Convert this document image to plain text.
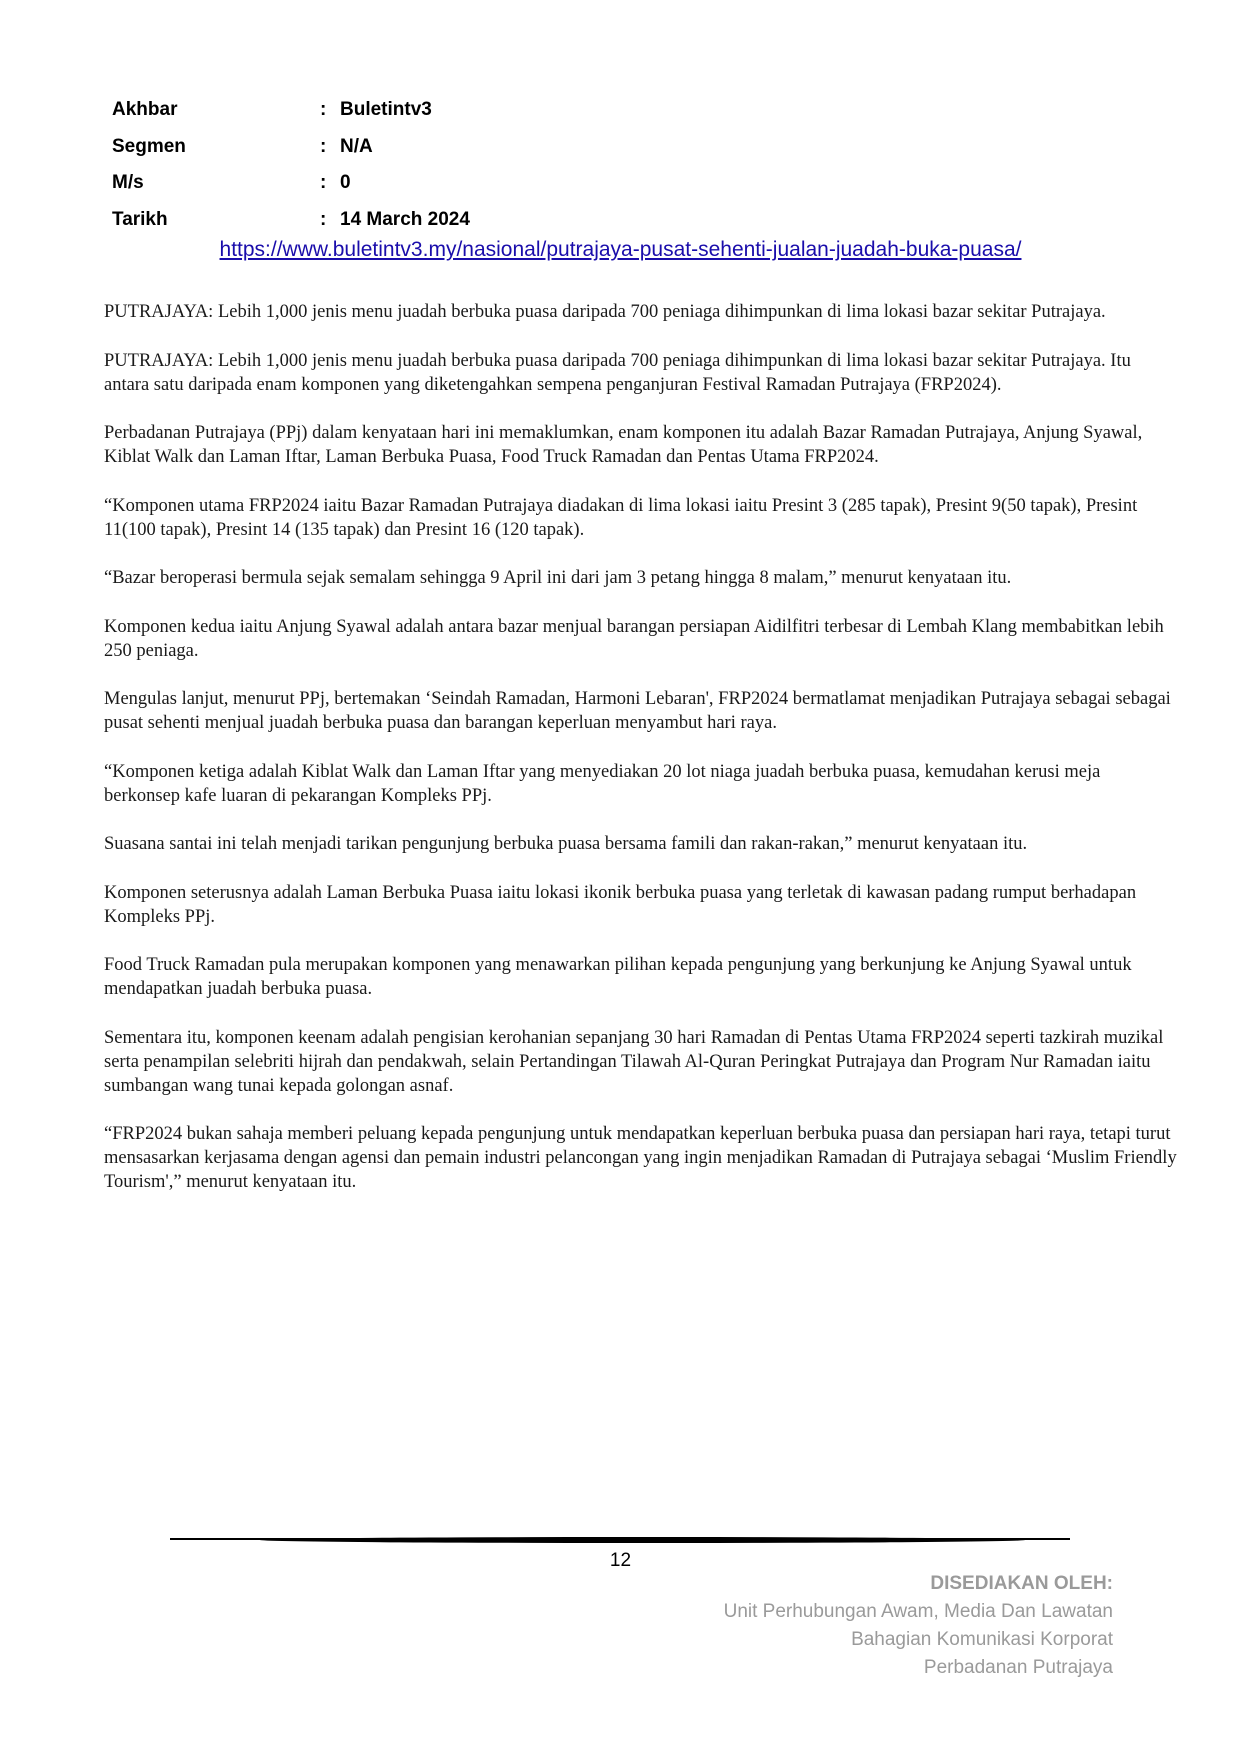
Akhbar	:	Buletintv3
Segmen	:	N/A
M/s	:	0
Tarikh	:	14 March 2024
https://www.buletintv3.my/nasional/putrajaya-pusat-sehenti-jualan-juadah-buka-puasa/

PUTRAJAYA: Lebih 1,000 jenis menu juadah berbuka puasa daripada 700 peniaga dihimpunkan di lima lokasi bazar sekitar Putrajaya.

PUTRAJAYA: Lebih 1,000 jenis menu juadah berbuka puasa daripada 700 peniaga dihimpunkan di lima lokasi bazar sekitar Putrajaya. Itu antara satu daripada enam komponen yang diketengahkan sempena penganjuran Festival Ramadan Putrajaya (FRP2024).

Perbadanan Putrajaya (PPj) dalam kenyataan hari ini memaklumkan, enam komponen itu adalah Bazar Ramadan Putrajaya, Anjung Syawal, Kiblat Walk dan Laman Iftar, Laman Berbuka Puasa, Food Truck Ramadan dan Pentas Utama FRP2024.

“Komponen utama FRP2024 iaitu Bazar Ramadan Putrajaya diadakan di lima lokasi iaitu Presint 3 (285 tapak), Presint 9(50 tapak), Presint 11(100 tapak), Presint 14 (135 tapak) dan Presint 16 (120 tapak).

“Bazar beroperasi bermula sejak semalam sehingga 9 April ini dari jam 3 petang hingga 8 malam,” menurut kenyataan itu.

Komponen kedua iaitu Anjung Syawal adalah antara bazar menjual barangan persiapan Aidilfitri terbesar di Lembah Klang membabitkan lebih 250 peniaga.

Mengulas lanjut, menurut PPj, bertemakan ‘Seindah Ramadan, Harmoni Lebaran', FRP2024 bermatlamat menjadikan Putrajaya sebagai sebagai pusat sehenti menjual juadah berbuka puasa dan barangan keperluan menyambut hari raya.

“Komponen ketiga adalah Kiblat Walk dan Laman Iftar yang menyediakan 20 lot niaga juadah berbuka puasa, kemudahan kerusi meja berkonsep kafe luaran di pekarangan Kompleks PPj.

Suasana santai ini telah menjadi tarikan pengunjung berbuka puasa bersama famili dan rakan-rakan,” menurut kenyataan itu.

Komponen seterusnya adalah Laman Berbuka Puasa iaitu lokasi ikonik berbuka puasa yang terletak di kawasan padang rumput berhadapan Kompleks PPj.

Food Truck Ramadan pula merupakan komponen yang menawarkan pilihan kepada pengunjung yang berkunjung ke Anjung Syawal untuk mendapatkan juadah berbuka puasa.

Sementara itu, komponen keenam adalah pengisian kerohanian sepanjang 30 hari Ramadan di Pentas Utama FRP2024 seperti tazkirah muzikal serta penampilan selebriti hijrah dan pendakwah, selain Pertandingan Tilawah Al-Quran Peringkat Putrajaya dan Program Nur Ramadan iaitu sumbangan wang tunai kepada golongan asnaf.

“FRP2024 bukan sahaja memberi peluang kepada pengunjung untuk mendapatkan keperluan berbuka puasa dan persiapan hari raya, tetapi turut mensasarkan kerjasama dengan agensi dan pemain industri pelancongan yang ingin menjadikan Ramadan di Putrajaya sebagai ‘Muslim Friendly Tourism',” menurut kenyataan itu.

12
DISEDIAKAN OLEH:
Unit Perhubungan Awam, Media Dan Lawatan
Bahagian Komunikasi Korporat
Perbadanan Putrajaya
